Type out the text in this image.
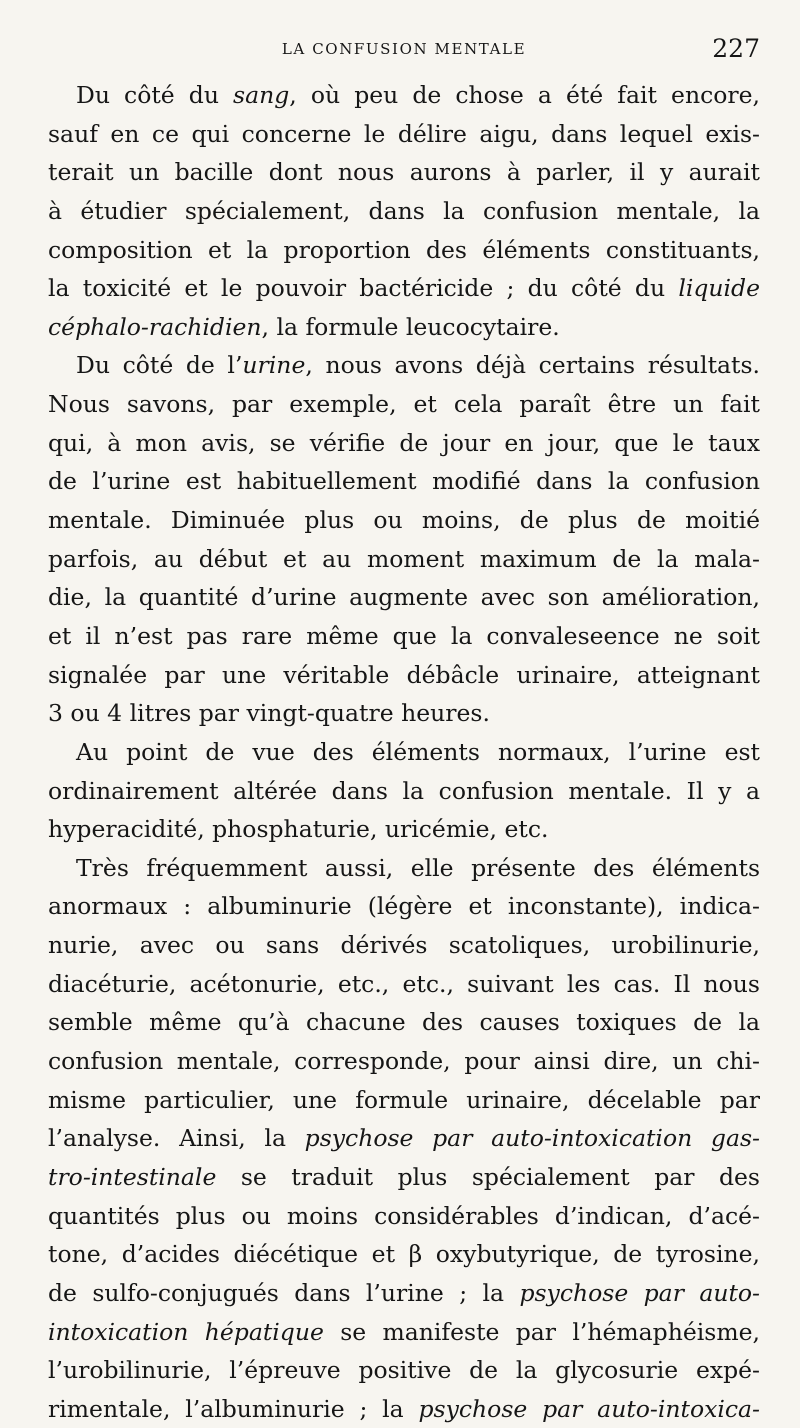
LA CONFUSION MENTALE	227
Du côté du sang, où peu de chose a été fait encore,
sauf en ce qui concerne le délire aigu, dans lequel exis-
terait un bacille dont nous aurons à parler, il y aurait
à étudier spécialement, dans la confusion mentale, la
composition et la proportion des éléments constituants,
la toxicité et le pouvoir bactéricide ; du côté du liquide
céphalo-rachidien, la formule leucocytaire.
Du côté de l’urine, nous avons déjà certains résultats.
Nous savons, par exemple, et cela paraît être un fait
qui, à mon avis, se vérifie de jour en jour, que le taux
de l’urine est habituellement modifié dans la confusion
mentale. Diminuée plus ou moins, de plus de moitié
parfois, au début et au moment maximum de la mala-
die, la quantité d’urine augmente avec son amélioration,
et il n’est pas rare même que la convaleseence ne soit
signalée par une véritable débâcle urinaire, atteignant
3 ou 4 litres par vingt-quatre heures.
Au point de vue des éléments normaux, l’urine est
ordinairement altérée dans la confusion mentale. Il y a
hyperacidité, phosphaturie, uricémie, etc.
Très fréquemment aussi, elle présente des éléments
anormaux : albuminurie (légère et inconstante), indica-
nurie, avec ou sans dérivés scatoliques, urobilinurie,
diacéturie, acétonurie, etc., etc., suivant les cas. Il nous
semble même qu’à chacune des causes toxiques de la
confusion mentale, corresponde, pour ainsi dire, un chi-
misme particulier, une formule urinaire, décelable par
l’analyse. Ainsi, la psychose par auto-intoxication gas-
tro-intestinale se traduit plus spécialement par des
quantités plus ou moins considérables d’indican, d’acé-
tone, d’acides diécétique et β oxybutyrique, de tyrosine,
de sulfo-conjugués dans l’urine ; la psychose par auto-
intoxication hépatique se manifeste par l’hémaphéisme,
l’urobilinurie, l’épreuve positive de la glycosurie expé-
rimentale, l’albuminurie ; la psychose par auto-intoxica-
